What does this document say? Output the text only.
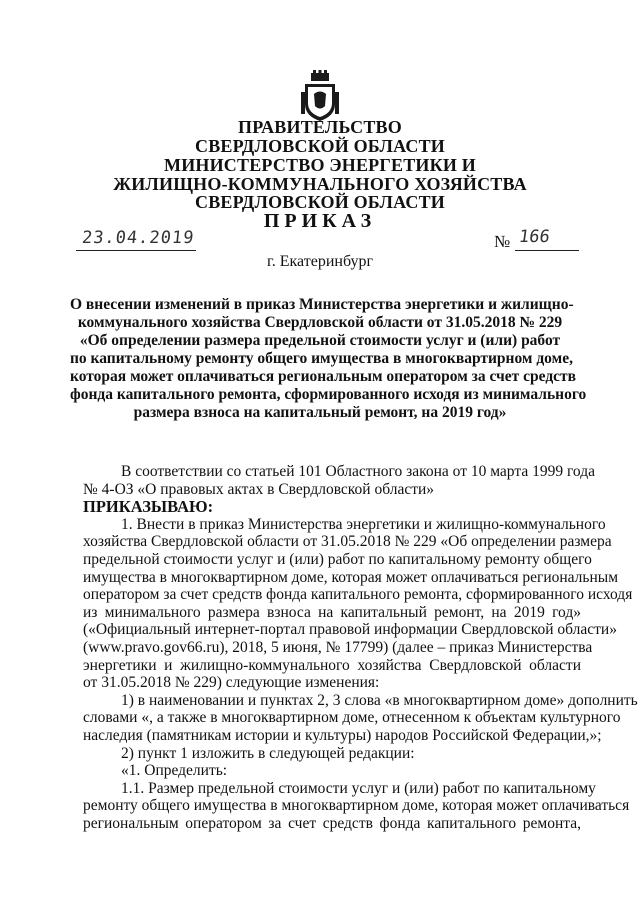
ПРАВИТЕЛЬСТВО
СВЕРДЛОВСКОЙ ОБЛАСТИ
МИНИСТЕРСТВО ЭНЕРГЕТИКИ И
ЖИЛИЩНО-КОММУНАЛЬНОГО ХОЗЯЙСТВА
СВЕРДЛОВСКОЙ ОБЛАСТИ
ПРИКАЗ
23.04.2019	№ 166
г. Екатеринбург
О внесении изменений в приказ Министерства энергетики и жилищно-
коммунального хозяйства Свердловской области от 31.05.2018 № 229
«Об определении размера предельной стоимости услуг и (или) работ
по капитальному ремонту общего имущества в многоквартирном доме,
которая может оплачиваться региональным оператором за счет средств
фонда капитального ремонта, сформированного исходя из минимального
размера взноса на капитальный ремонт, на 2019 год»
В соответствии со статьей 101 Областного закона от 10 марта 1999 года
№ 4-ОЗ «О правовых актах в Свердловской области»
ПРИКАЗЫВАЮ:
1. Внести в приказ Министерства энергетики и жилищно-коммунального
хозяйства Свердловской области от 31.05.2018 № 229 «Об определении размера
предельной стоимости услуг и (или) работ по капитальному ремонту общего
имущества в многоквартирном доме, которая может оплачиваться региональным
оператором за счет средств фонда капитального ремонта, сформированного исходя
из минимального размера взноса на капитальный ремонт, на 2019 год»
(«Официальный интернет-портал правовой информации Свердловской области»
(www.pravo.gov66.ru), 2018, 5 июня, № 17799) (далее – приказ Министерства
энергетики и жилищно-коммунального хозяйства Свердловской области
от 31.05.2018 № 229) следующие изменения:
1) в наименовании и пунктах 2, 3 слова «в многоквартирном доме» дополнить
словами «, а также в многоквартирном доме, отнесенном к объектам культурного
наследия (памятникам истории и культуры) народов Российской Федерации,»;
2) пункт 1 изложить в следующей редакции:
«1. Определить:
1.1. Размер предельной стоимости услуг и (или) работ по капитальному
ремонту общего имущества в многоквартирном доме, которая может оплачиваться
региональным оператором за счет средств фонда капитального ремонта,
